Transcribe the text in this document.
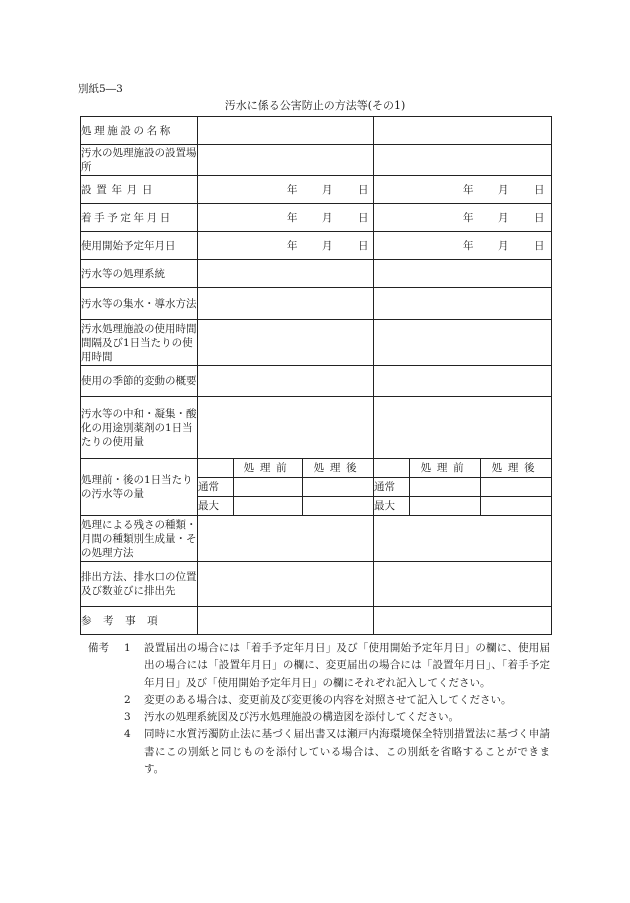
別紙5―3
汚水に係る公害防止の方法等(その1)
処理施設の名称						
汚水の処理施設の設置場所						
設置年月日	年 月 日			年 月 日		

着手予定年月日	年 月 日			年 月 日		

使用開始予定年月日	年 月 日			年 月 日		

汚水等の処理系統						
汚水等の集水・導水方法						
汚水処理施設の使用時間間隔及び1日当たりの使用時間						
使用の季節的変動の概要						
汚水等の中和・凝集・酸化の用途別薬剤の1日当たりの使用量						
処理前・後の1日当たりの汚水等の量		処理前	処理後		処理前	処理後
	通常			通常		
	最大			最大		
処理による残さの種類・月間の種類別生成量・その処理方法						
排出方法、排水口の位置及び数並びに排出先						
参考事項						
備考 1 設置届出の場合には「着手予定年月日」及び「使用開始予定年月日」の欄に、使用届出の場合には「設置年月日」の欄に、変更届出の場合には「設置年月日」、「着手予定年月日」及び「使用開始予定年月日」の欄にそれぞれ記入してください。
2 変更のある場合は、変更前及び変更後の内容を対照させて記入してください。
3 汚水の処理系統図及び汚水処理施設の構造図を添付してください。
4 同時に水質汚濁防止法に基づく届出書又は瀬戸内海環境保全特別措置法に基づく申請書にこの別紙と同じものを添付している場合は、この別紙を省略することができます。
